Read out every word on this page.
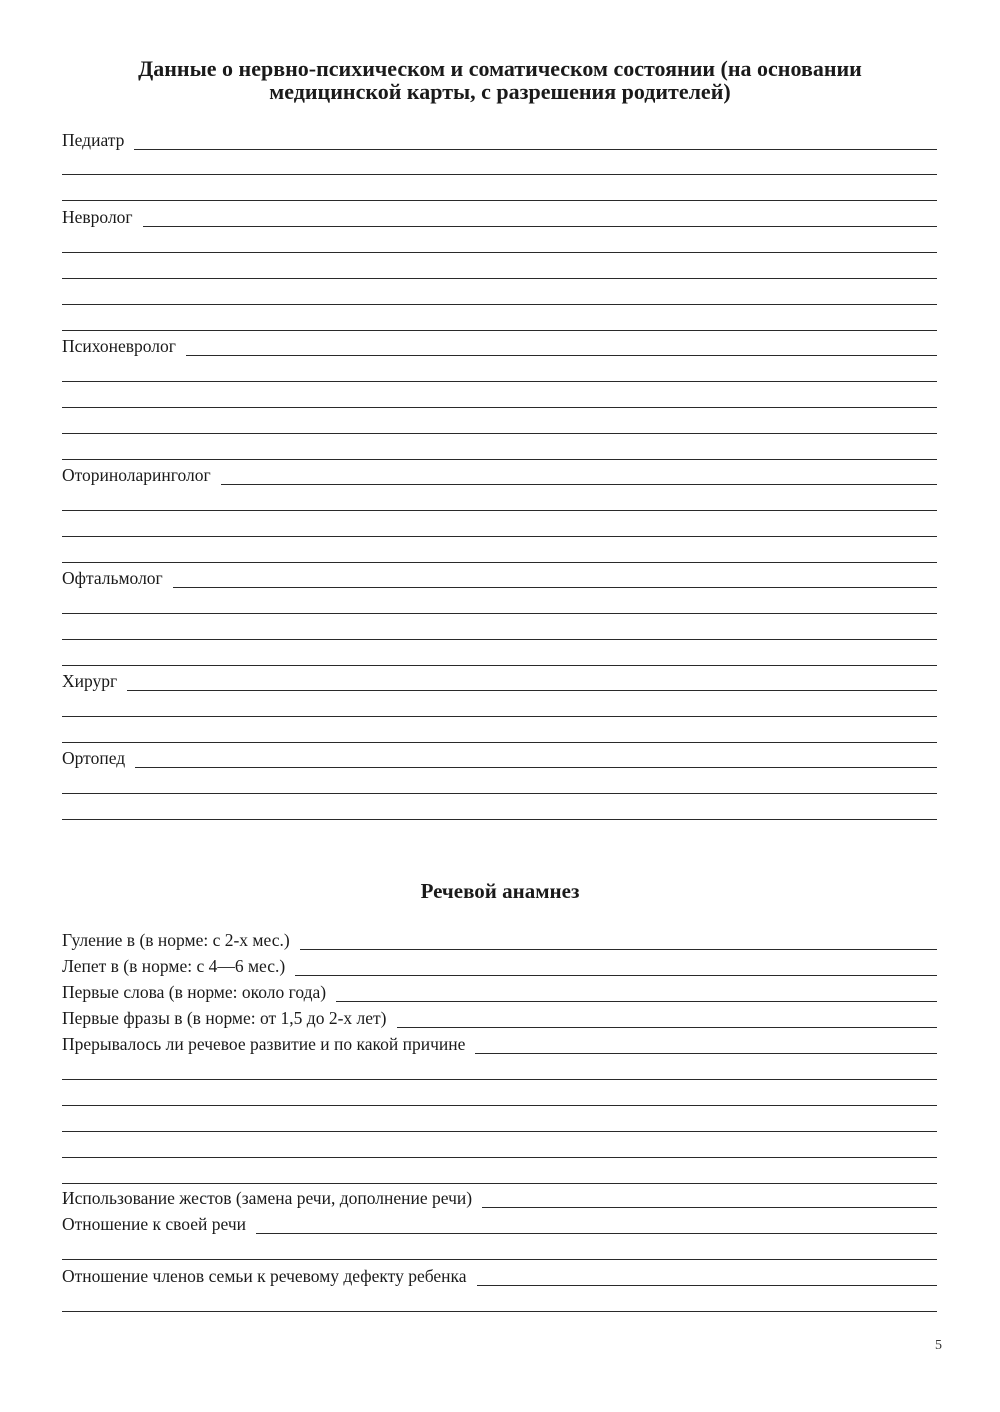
Данные о нервно-психическом и соматическом состоянии (на основании
медицинской карты, с разрешения родителей)
Педиатр
Невролог
Психоневролог
Оториноларинголог
Офтальмолог
Хирург
Ортопед
Речевой анамнез
Гуление в (в норме: с 2-х мес.)
Лепет в (в норме: с 4—6 мес.)
Первые слова (в норме: около года)
Первые фразы в (в норме: от 1,5 до 2-х лет)
Прерывалось ли речевое развитие и по какой причине
Использование жестов (замена речи, дополнение речи)
Отношение к своей речи
Отношение членов семьи к речевому дефекту ребенка
5
